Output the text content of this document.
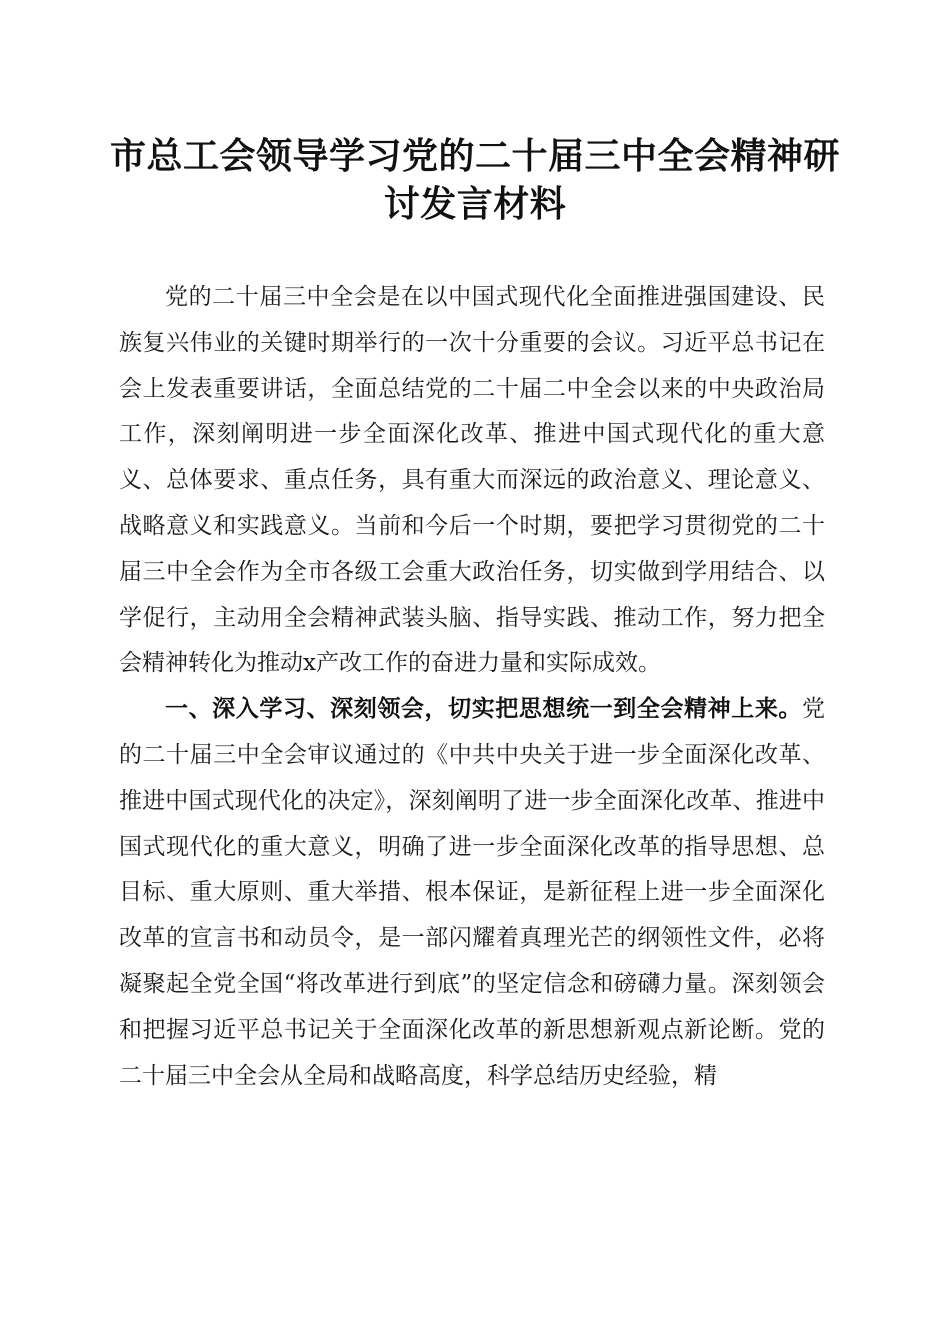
市总工会领导学习党的二十届三中全会精神研讨发言材料

党的二十届三中全会是在以中国式现代化全面推进强国建设、民族复兴伟业的关键时期举行的一次十分重要的会议。习近平总书记在会上发表重要讲话，全面总结党的二十届二中全会以来的中央政治局工作，深刻阐明进一步全面深化改革、推进中国式现代化的重大意义、总体要求、重点任务，具有重大而深远的政治意义、理论意义、战略意义和实践意义。当前和今后一个时期，要把学习贯彻党的二十届三中全会作为全市各级工会重大政治任务，切实做到学用结合、以学促行，主动用全会精神武装头脑、指导实践、推动工作，努力把全会精神转化为推动x产改工作的奋进力量和实际成效。

一、深入学习、深刻领会，切实把思想统一到全会精神上来。党的二十届三中全会审议通过的《中共中央关于进一步全面深化改革、推进中国式现代化的决定》，深刻阐明了进一步全面深化改革、推进中国式现代化的重大意义，明确了进一步全面深化改革的指导思想、总目标、重大原则、重大举措、根本保证，是新征程上进一步全面深化改革的宣言书和动员令，是一部闪耀着真理光芒的纲领性文件，必将凝聚起全党全国“将改革进行到底”的坚定信念和磅礴力量。深刻领会和把握习近平总书记关于全面深化改革的新思想新观点新论断。党的二十届三中全会从全局和战略高度，科学总结历史经验，精
